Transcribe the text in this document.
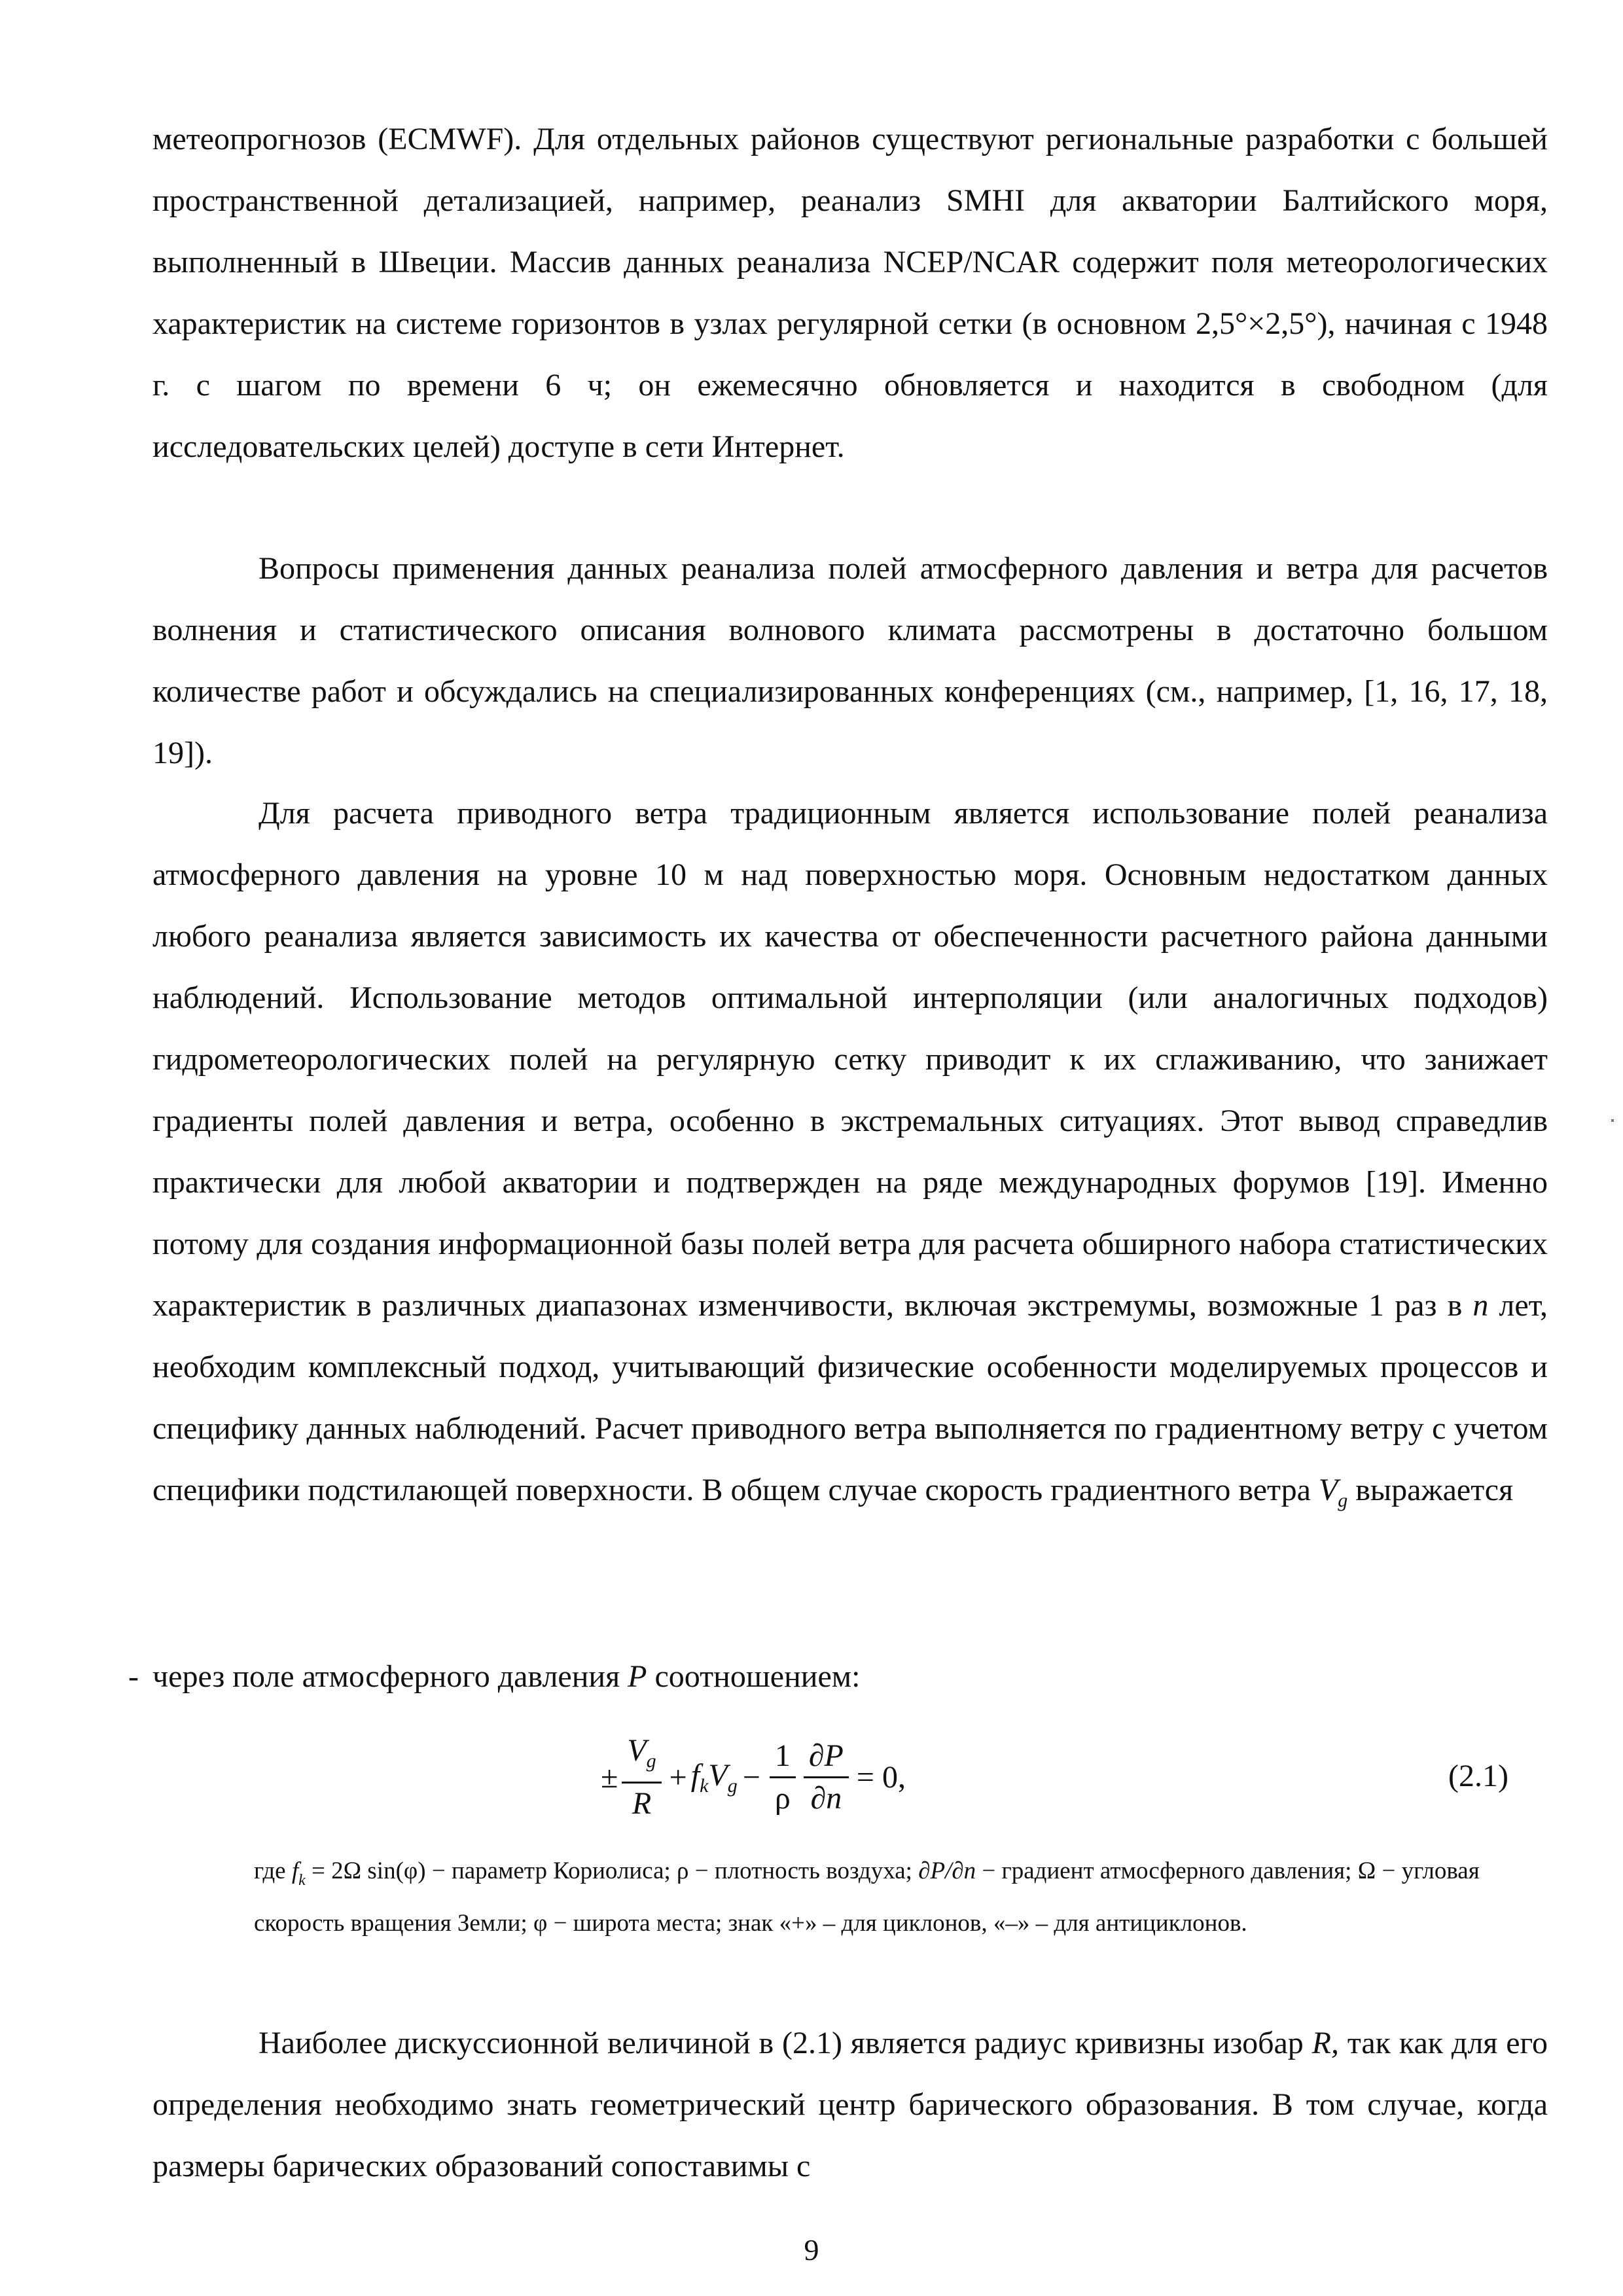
метеопрогнозов (ECMWF). Для отдельных районов существуют региональные разработки с большей пространственной детализацией, например, реанализ SMHI для акватории Балтийского моря, выполненный в Швеции. Массив данных реанализа NCEP/NCAR содержит поля метеорологических характеристик на системе горизонтов в узлах регулярной сетки (в основном 2,5°×2,5°), начиная с 1948 г. с шагом по времени 6 ч; он ежемесячно обновляется и находится в свободном (для исследовательских целей) доступе в сети Интернет.
Вопросы применения данных реанализа полей атмосферного давления и ветра для расчетов волнения и статистического описания волнового климата рассмотрены в достаточно большом количестве работ и обсуждались на специализированных конференциях (см., например, [1, 16, 17, 18, 19]).
Для расчета приводного ветра традиционным является использование полей реанализа атмосферного давления на уровне 10 м над поверхностью моря. Основным недостатком данных любого реанализа является зависимость их качества от обеспеченности расчетного района данными наблюдений. Использование методов оптимальной интерполяции (или аналогичных подходов) гидрометеорологических полей на регулярную сетку приводит к их сглаживанию, что занижает градиенты полей давления и ветра, особенно в экстремальных ситуациях. Этот вывод справедлив практически для любой акватории и подтвержден на ряде международных форумов [19]. Именно потому для создания информационной базы полей ветра для расчета обширного набора статистических характеристик в различных диапазонах изменчивости, включая экстремумы, возможные 1 раз в n лет, необходим комплексный подход, учитывающий физические особенности моделируемых процессов и специфику данных наблюдений. Расчет приводного ветра выполняется по градиентному ветру с учетом специфики подстилающей поверхности. В общем случае скорость градиентного ветра $V_g$ выражается
- через поле атмосферного давления P соотношением:
± $\frac{V_g}{R} + f_kV_g - \frac{1}{\rho} \frac{\partial P}{\partial n} = 0$,	(2.1)
где $f_k = 2\Omega$ sin(φ) − параметр Кориолиса; ρ − плотность воздуха; ∂P/∂n − градиент атмосферного давления; Ω − угловая скорость вращения Земли; φ − широта места; знак «+» – для циклонов, «–» – для антициклонов.
Наиболее дискуссионной величиной в (2.1) является радиус кривизны изобар R, так как для его определения необходимо знать геометрический центр барического образования. В том случае, когда размеры барических образований сопоставимы с
9
